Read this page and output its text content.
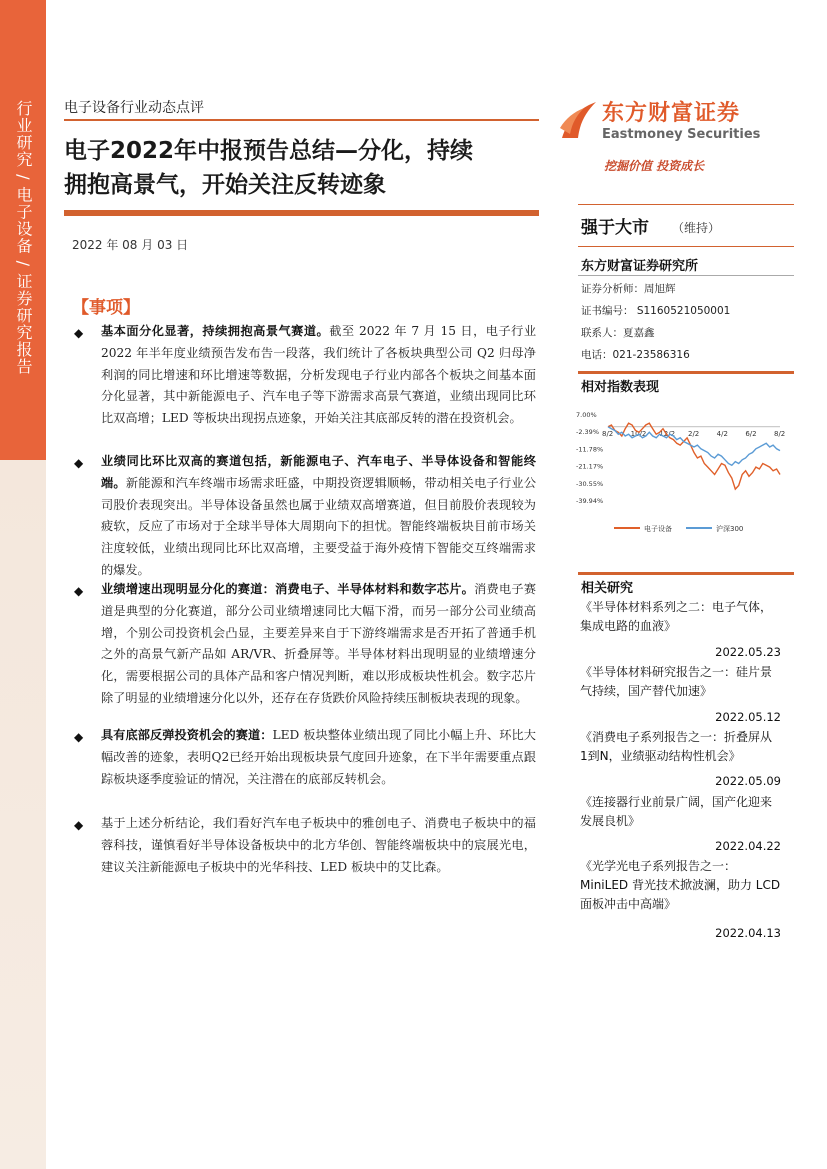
行业研究 / 电子设备 / 证券研究报告 电子设备行业动态点评
电子2022年中报预告总结—分化，持续
拥抱高景气，开始关注反转迹象
2022 年 08 月 03 日
东方财富证券
Eastmoney Securities
挖掘价值 投资成长
强于大市 （维持）
东方财富证券研究所
证券分析师：周旭辉
证书编号： S1160521050001
联系人：夏嘉鑫
电话：021-23586316
相对指数表现
7.00%
-2.39%
-11.78%
-21.17%
-30.55%
-39.94%
8/2 10/2 12/2 2/2 4/2 6/2 8/2
电子设备	沪深300
相关研究
《半导体材料系列之二：电子气体，
集成电路的血液》
2022.05.23
《半导体材料研究报告之一：硅片景
气持续，国产替代加速》
2022.05.12
《消费电子系列报告之一：折叠屏从
1到N，业绩驱动结构性机会》
2022.05.09
《连接器行业前景广阔，国产化迎来
发展良机》
2022.04.22
《光学光电子系列报告之一：
MiniLED 背光技术掀波澜，助力 LCD
面板冲击中高端》
2022.04.13
【事项】
◆ 基本面分化显著，持续拥抱高景气赛道。截至 2022 年 7 月 15 日，电子行业 2022 年半年度业绩预告发布告一段落，我们统计了各板块典型公司 Q2 归母净利润的同比增速和环比增速等数据，分析发现电子行业内部各个板块之间基本面分化显著，其中新能源电子、汽车电子等下游需求高景气赛道，业绩出现同比环比双高增；LED 等板块出现拐点迹象，开始关注其底部反转的潜在投资机会。
◆ 业绩同比环比双高的赛道包括，新能源电子、汽车电子、半导体设备和智能终端。新能源和汽车终端市场需求旺盛，中期投资逻辑顺畅，带动相关电子行业公司股价表现突出。半导体设备虽然也属于业绩双高增赛道，但目前股价表现较为疲软，反应了市场对于全球半导体大周期向下的担忧。智能终端板块目前市场关注度较低，业绩出现同比环比双高增，主要受益于海外疫情下智能交互终端需求的爆发。
◆ 业绩增速出现明显分化的赛道：消费电子、半导体材料和数字芯片。消费电子赛道是典型的分化赛道，部分公司业绩增速同比大幅下滑，而另一部分公司业绩高增，个别公司投资机会凸显，主要差异来自于下游终端需求是否开拓了普通手机之外的高景气新产品如 AR/VR、折叠屏等。半导体材料出现明显的业绩增速分化，需要根据公司的具体产品和客户情况判断，难以形成板块性机会。数字芯片除了明显的业绩增速分化以外，还存在存货跌价风险持续压制板块表现的现象。
◆ 具有底部反弹投资机会的赛道：LED 板块整体业绩出现了同比小幅上升、环比大幅改善的迹象，表明Q2已经开始出现板块景气度回升迹象，在下半年需要重点跟踪板块逐季度验证的情况，关注潜在的底部反转机会。
◆ 基于上述分析结论，我们看好汽车电子板块中的雅创电子、消费电子板块中的福蓉科技，谨慎看好半导体设备板块中的北方华创、智能终端板块中的宸展光电，建议关注新能源电子板块中的光华科技、LED 板块中的艾比森。
